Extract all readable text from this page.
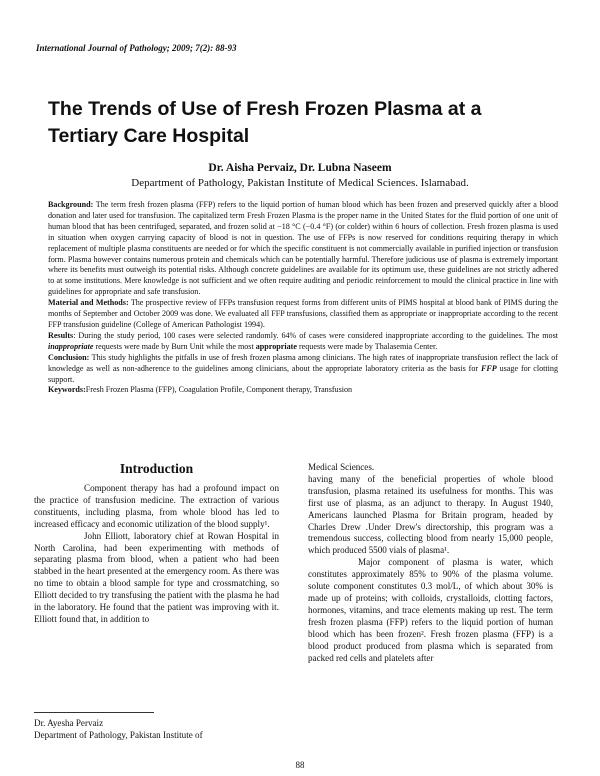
International Journal of Pathology; 2009; 7(2): 88-93
The Trends of Use of Fresh Frozen Plasma at a Tertiary Care Hospital
Dr. Aisha Pervaiz, Dr. Lubna Naseem
Department of Pathology, Pakistan Institute of Medical Sciences. Islamabad.

Background: The term fresh frozen plasma (FFP) refers to the liquid portion of human blood which has been frozen and preserved quickly after a blood donation and later used for transfusion. The capitalized term Fresh Frozen Plasma is the proper name in the United States for the fluid portion of one unit of human blood that has been centrifuged, separated, and frozen solid at −18 °C (−0.4 °F) (or colder) within 6 hours of collection. Fresh frozen plasma is used in situation when oxygen carrying capacity of blood is not in question. The use of FFPs is now reserved for conditions requiring therapy in which replacement of multiple plasma constituents are needed or for which the specific constituent is not commercially available in purified injection or transfusion form. Plasma however contains numerous protein and chemicals which can be potentially harmful. Therefore judicious use of plasma is extremely important where its benefits must outweigh its potential risks. Although concrete guidelines are available for its optimum use, these guidelines are not strictly adhered to at some institutions. Mere knowledge is not sufficient and we often require auditing and periodic reinforcement to mould the clinical practice in line with guidelines for appropriate and safe transfusion.

Material and Methods: The prospective review of FFPs transfusion request forms from different units of PIMS hospital at blood bank of PIMS during the months of September and October 2009 was done. We evaluated all FFP transfusions, classified them as appropriate or inappropriate according to the recent FFP transfusion guideline (College of American Pathologist 1994).

Results: During the study period, 100 cases were selected randomly. 64% of cases were considered inappropriate according to the guidelines. The most inappropriate requests were made by Burn Unit while the most appropriate requests were made by Thalasemia Center.

Conclusion: This study highlights the pitfalls in use of fresh frozen plasma among clinicians. The high rates of inappropriate transfusion reflect the lack of knowledge as well as non-adherence to the guidelines among clinicians, about the appropriate laboratory criteria as the basis for FFP usage for clotting support.

Keywords:Fresh Frozen Plasma (FFP), Coagulation Profile, Component therapy, Transfusion

Introduction

Component therapy has had a profound impact on the practice of transfusion medicine. The extraction of various constituents, including plasma, from whole blood has led to increased efficacy and economic utilization of the blood supply¹.

John Elliott, laboratory chief at Rowan Hospital in North Carolina, had been experimenting with methods of separating plasma from blood, when a patient who had been stabbed in the heart presented at the emergency room. As there was no time to obtain a blood sample for type and crossmatching, so Elliott decided to try transfusing the patient with the plasma he had in the laboratory. He found that the patient was improving with it. Elliott found that, in addition to

Dr. Ayesha Pervaiz

Department of Pathology, Pakistan Institute of

Medical Sciences.

having many of the beneficial properties of whole blood transfusion, plasma retained its usefulness for months. This was first use of plasma, as an adjunct to therapy. In August 1940, Americans launched Plasma for Britain program, headed by Charles Drew .Under Drew's directorship, this program was a tremendous success, collecting blood from nearly 15,000 people, which produced 5500 vials of plasma¹.

Major component of plasma is water, which constitutes approximately 85% to 90% of the plasma volume. solute component constitutes 0.3 mol/L, of which about 30% is made up of proteins; with colloids, crystalloids, clotting factors, hormones, vitamins, and trace elements making up rest. The term fresh frozen plasma (FFP) refers to the liquid portion of human blood which has been frozen². Fresh frozen plasma (FFP) is a blood product produced from plasma which is separated from packed red cells and platelets after

88
